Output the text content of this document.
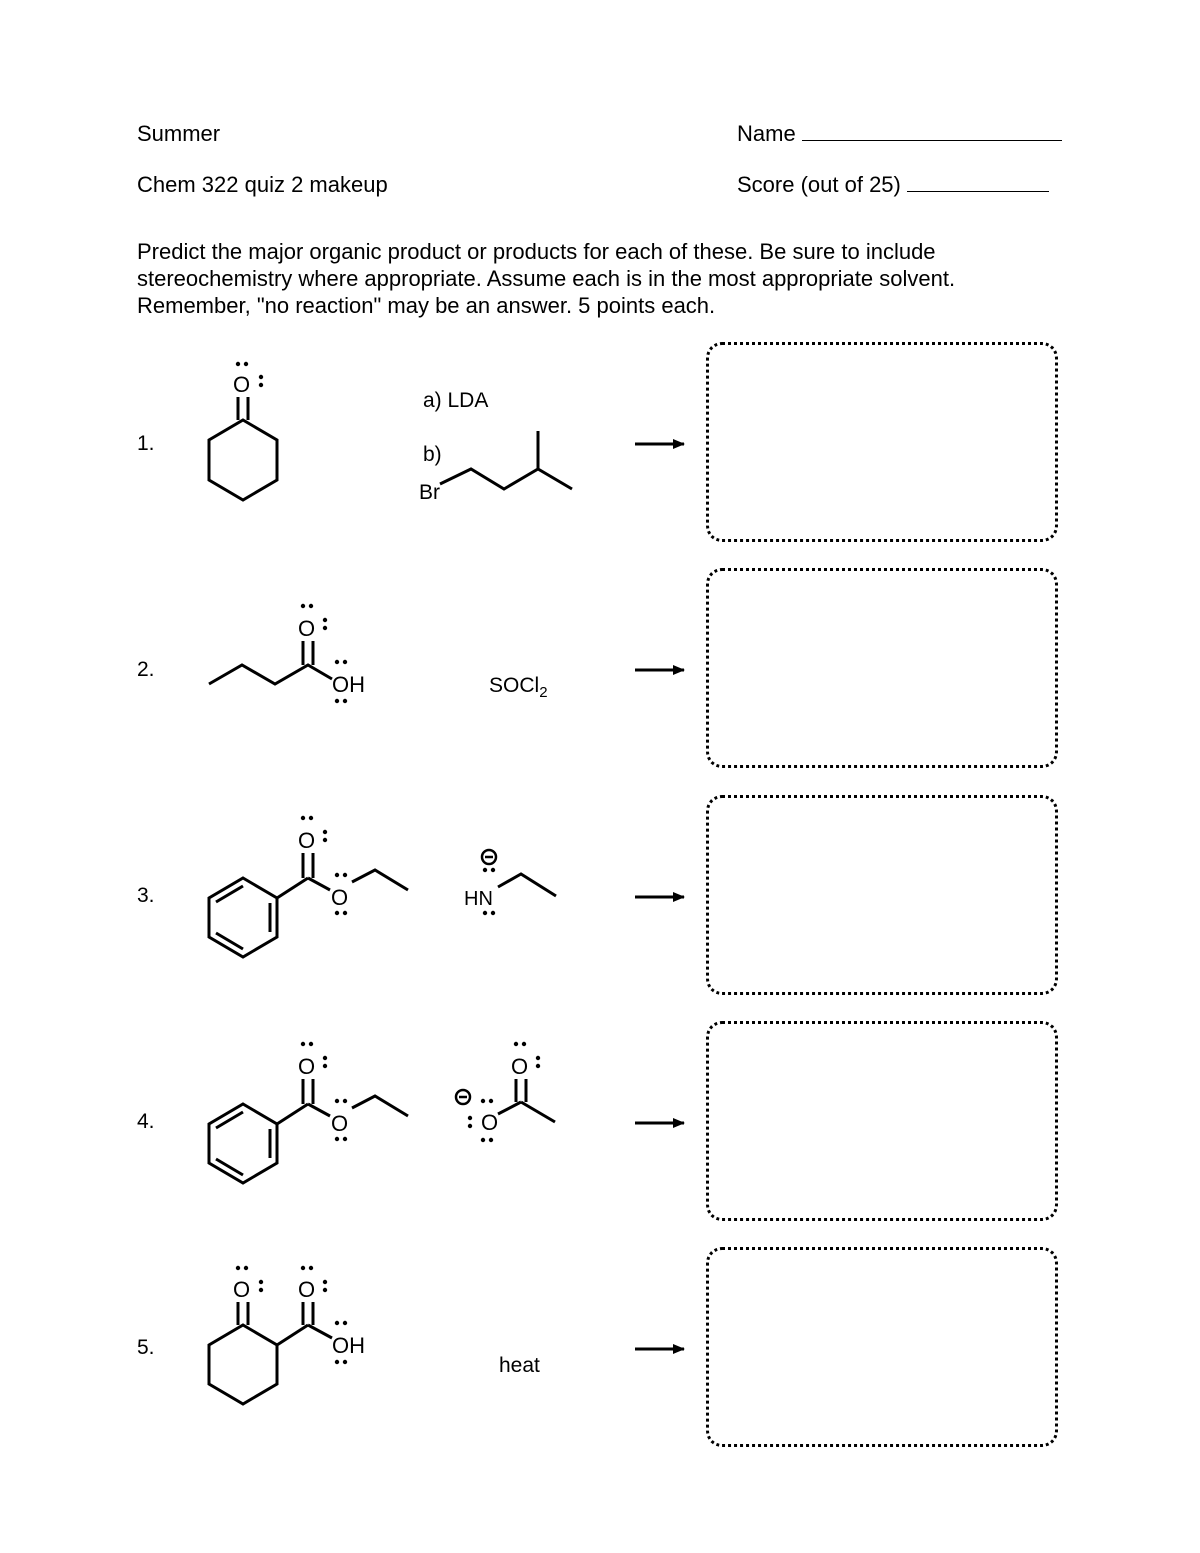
Summer
Chem 322 quiz 2 makeup
Name
Score (out of 25)
Predict the major organic product or products for each of these. Be sure to include
stereochemistry where appropriate. Assume each is in the most appropriate solvent.
Remember, "no reaction" may be an answer. 5 points each.
1.
2.
3.
4.
5.
O
a) LDA
b)
Br
O
OH	SOCl$_2$
O
O	HN
O
O
O
O
O O
OH
heat
